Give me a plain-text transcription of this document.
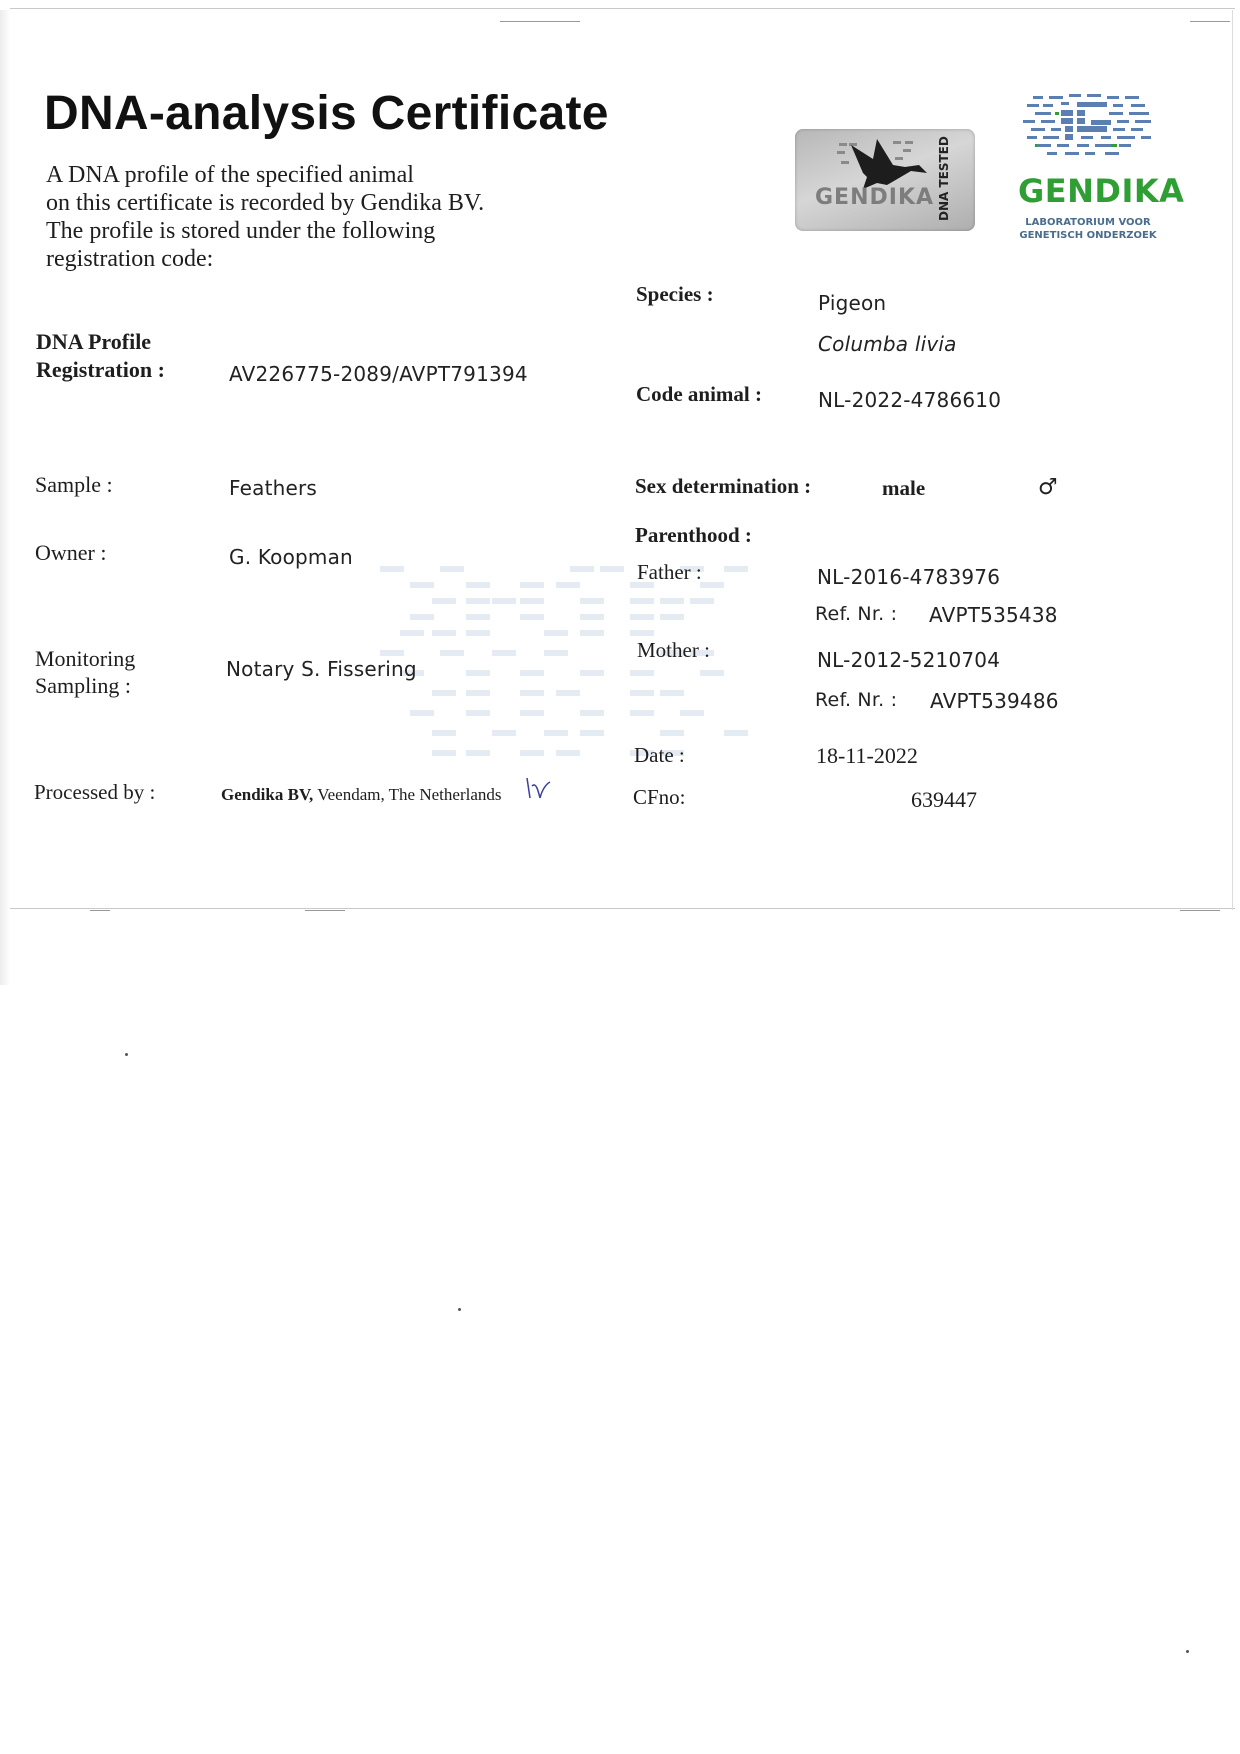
DNA-analysis Certificate
A DNA profile of the specified animal
on this certificate is recorded by Gendika BV.
The profile is stored under the following
registration code:
GENDIKA DNA TESTED GENDIKA
LABORATORIUM VOOR
GENETISCH ONDERZOEK
DNA Profile
Registration :	AV226775-2089/AVPT791394
Sample :	Feathers
Owner :	G. Koopman
Monitoring
Sampling :
Notary S. Fissering
Processed by :	Gendika BV, Veendam, The Netherlands
Species :	Pigeon
Columba livia
Code animal :	NL-2022-4786610
Sex determination :	male	♂
Parenthood :
Father :	NL-2016-4783976
Ref. Nr. : AVPT535438
Mother :	NL-2012-5210704
Ref. Nr. : AVPT539486
Date :	18-11-2022
CFno:	639447
